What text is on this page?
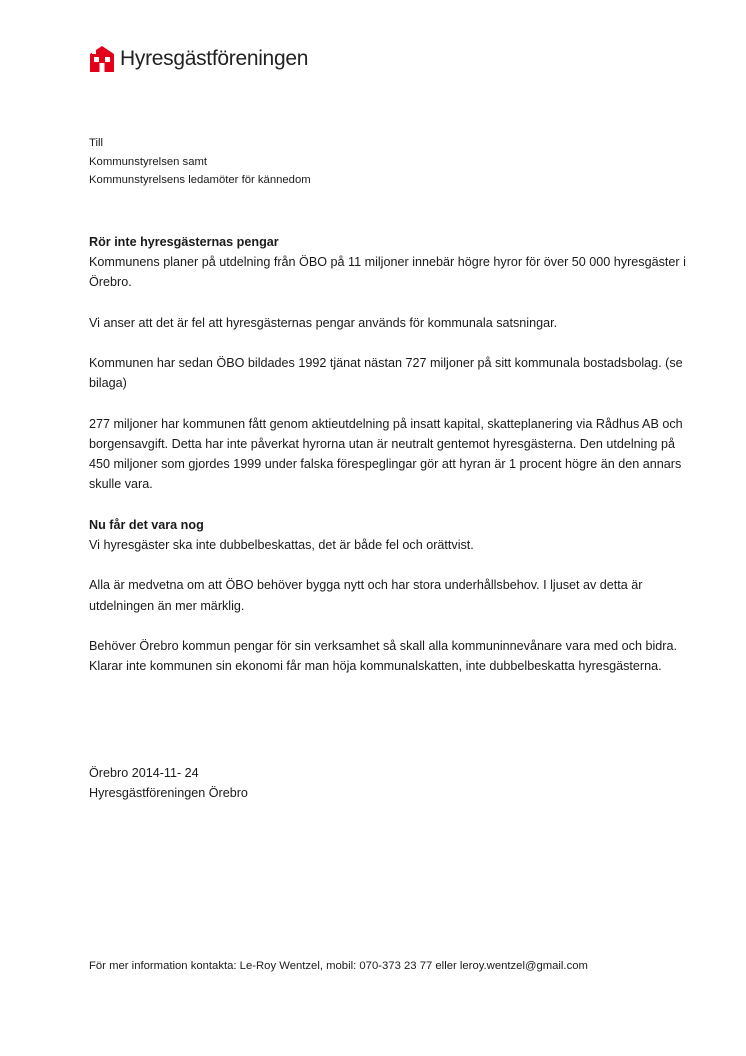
Hyresgästföreningen
Till
Kommunstyrelsen samt
Kommunstyrelsens ledamöter för kännedom
Rör inte hyresgästernas pengar

Kommunens planer på utdelning från ÖBO på 11 miljoner innebär högre hyror för över 50 000 hyresgäster i Örebro.

Vi anser att det är fel att hyresgästernas pengar används för kommunala satsningar.

Kommunen har sedan ÖBO bildades 1992 tjänat nästan 727 miljoner på sitt kommunala bostadsbolag. (se bilaga)

277 miljoner har kommunen fått genom aktieutdelning på insatt kapital, skatteplanering via Rådhus AB och borgensavgift. Detta har inte påverkat hyrorna utan är neutralt gentemot hyresgästerna. Den utdelning på 450 miljoner som gjordes 1999 under falska förespeglingar gör att hyran är 1 procent högre än den annars skulle vara.

Nu får det vara nog

Vi hyresgäster ska inte dubbelbeskattas, det är både fel och orättvist.

Alla är medvetna om att ÖBO behöver bygga nytt och har stora underhållsbehov. I ljuset av detta är utdelningen än mer märklig.

Behöver Örebro kommun pengar för sin verksamhet så skall alla kommuninnevånare vara med och bidra. Klarar inte kommunen sin ekonomi får man höja kommunalskatten, inte dubbelbeskatta hyresgästerna.

Örebro 2014-11- 24
Hyresgästföreningen Örebro
För mer information kontakta: Le-Roy Wentzel, mobil: 070-373 23 77 eller leroy.wentzel@gmail.com
